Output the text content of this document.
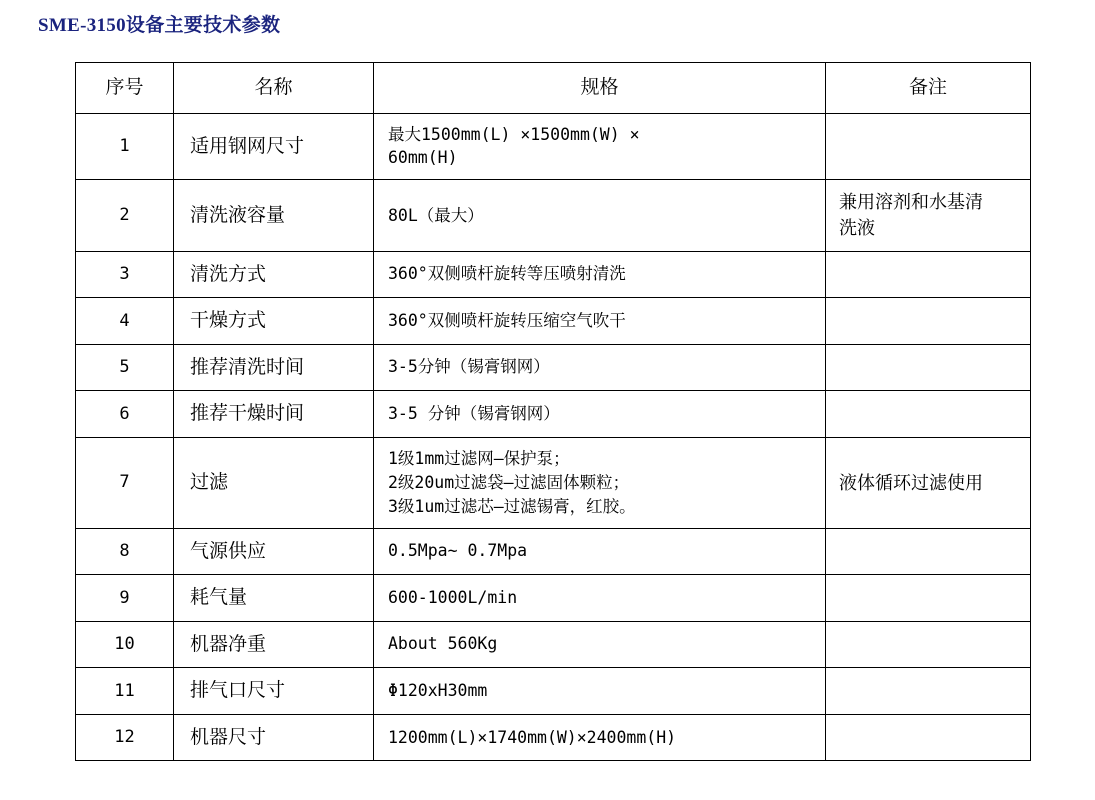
SME-3150设备主要技术参数
序号	名称	规格	备注

1	适用钢网尺寸	最大1500mm(L) ×1500mm(W) ×
60mm(H)	

2	清洗液容量	80L（最大）	兼用溶剂和水基清
洗液

3	清洗方式	360°双侧喷杆旋转等压喷射清洗	

4	干燥方式	360°双侧喷杆旋转压缩空气吹干	

5	推荐清洗时间	3-5分钟（锡膏钢网）	

6	推荐干燥时间	3-5 分钟（锡膏钢网）	

7	过滤	1级1mm过滤网—保护泵；
2级20um过滤袋—过滤固体颗粒；
3级1um过滤芯—过滤锡膏，红胶。	液体循环过滤使用

8	气源供应	0.5Mpa~ 0.7Mpa	

9	耗气量	600-1000L/min	

10	机器净重	About 560Kg	

11	排气口尺寸	Φ120xH30mm	

12	机器尺寸	1200mm(L)×1740mm(W)×2400mm(H)	
